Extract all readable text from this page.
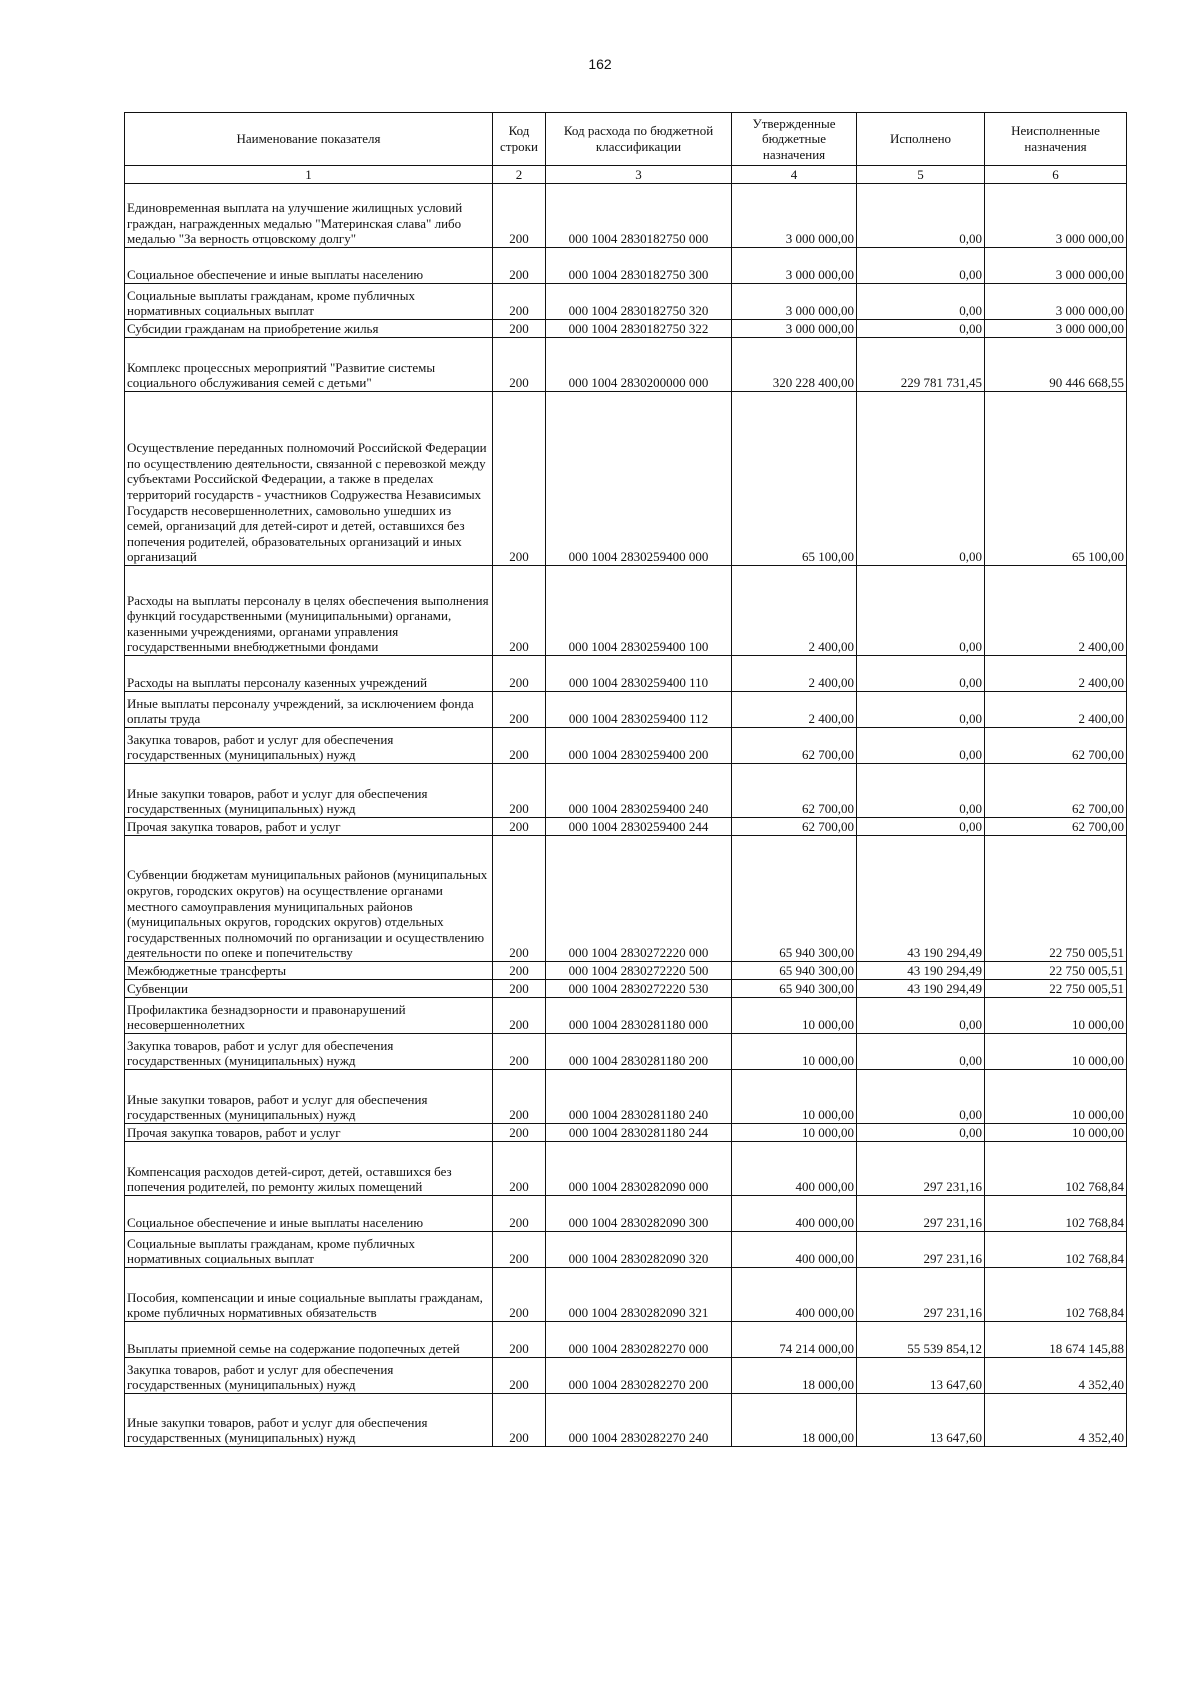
162
Наименование показателя	Код строки	Код расхода по бюджетной классификации	Утвержденные бюджетные назначения	Исполнено	Неисполненные назначения
1	2	3	4	5	6
Единовременная выплата на улучшение жилищных условий граждан, награжденных медалью "Материнская слава" либо медалью "За верность отцовскому долгу"	200	000 1004 2830182750 000	3 000 000,00	0,00	3 000 000,00
Социальное обеспечение и иные выплаты населению	200	000 1004 2830182750 300	3 000 000,00	0,00	3 000 000,00
Социальные выплаты гражданам, кроме публичных нормативных социальных выплат	200	000 1004 2830182750 320	3 000 000,00	0,00	3 000 000,00
Субсидии гражданам на приобретение жилья	200	000 1004 2830182750 322	3 000 000,00	0,00	3 000 000,00
Комплекс процессных мероприятий "Развитие системы социального обслуживания семей с детьми"	200	000 1004 2830200000 000	320 228 400,00	229 781 731,45	90 446 668,55
Осуществление переданных полномочий Российской Федерации по осуществлению деятельности, связанной с перевозкой между субъектами Российской Федерации, а также в пределах территорий государств - участников Содружества Независимых Государств несовершеннолетних, самовольно ушедших из семей, организаций для детей-сирот и детей, оставшихся без попечения родителей, образовательных организаций и иных организаций	200	000 1004 2830259400 000	65 100,00	0,00	65 100,00
Расходы на выплаты персоналу в целях обеспечения выполнения функций государственными (муниципальными) органами, казенными учреждениями, органами управления государственными внебюджетными фондами	200	000 1004 2830259400 100	2 400,00	0,00	2 400,00
Расходы на выплаты персоналу казенных учреждений	200	000 1004 2830259400 110	2 400,00	0,00	2 400,00
Иные выплаты персоналу учреждений, за исключением фонда оплаты труда	200	000 1004 2830259400 112	2 400,00	0,00	2 400,00
Закупка товаров, работ и услуг для обеспечения государственных (муниципальных) нужд	200	000 1004 2830259400 200	62 700,00	0,00	62 700,00
Иные закупки товаров, работ и услуг для обеспечения государственных (муниципальных) нужд	200	000 1004 2830259400 240	62 700,00	0,00	62 700,00
Прочая закупка товаров, работ и услуг	200	000 1004 2830259400 244	62 700,00	0,00	62 700,00
Субвенции бюджетам муниципальных районов (муниципальных округов, городских округов) на осуществление органами местного самоуправления муниципальных районов (муниципальных округов, городских округов) отдельных государственных полномочий по организации и осуществлению деятельности по опеке и попечительству	200	000 1004 2830272220 000	65 940 300,00	43 190 294,49	22 750 005,51
Межбюджетные трансферты	200	000 1004 2830272220 500	65 940 300,00	43 190 294,49	22 750 005,51
Субвенции	200	000 1004 2830272220 530	65 940 300,00	43 190 294,49	22 750 005,51
Профилактика безнадзорности и правонарушений несовершеннолетних	200	000 1004 2830281180 000	10 000,00	0,00	10 000,00
Закупка товаров, работ и услуг для обеспечения государственных (муниципальных) нужд	200	000 1004 2830281180 200	10 000,00	0,00	10 000,00
Иные закупки товаров, работ и услуг для обеспечения государственных (муниципальных) нужд	200	000 1004 2830281180 240	10 000,00	0,00	10 000,00
Прочая закупка товаров, работ и услуг	200	000 1004 2830281180 244	10 000,00	0,00	10 000,00
Компенсация расходов детей-сирот, детей, оставшихся без попечения родителей, по ремонту жилых помещений	200	000 1004 2830282090 000	400 000,00	297 231,16	102 768,84
Социальное обеспечение и иные выплаты населению	200	000 1004 2830282090 300	400 000,00	297 231,16	102 768,84
Социальные выплаты гражданам, кроме публичных нормативных социальных выплат	200	000 1004 2830282090 320	400 000,00	297 231,16	102 768,84
Пособия, компенсации и иные социальные выплаты гражданам, кроме публичных нормативных обязательств	200	000 1004 2830282090 321	400 000,00	297 231,16	102 768,84
Выплаты приемной семье на содержание подопечных детей	200	000 1004 2830282270 000	74 214 000,00	55 539 854,12	18 674 145,88
Закупка товаров, работ и услуг для обеспечения государственных (муниципальных) нужд	200	000 1004 2830282270 200	18 000,00	13 647,60	4 352,40
Иные закупки товаров, работ и услуг для обеспечения государственных (муниципальных) нужд	200	000 1004 2830282270 240	18 000,00	13 647,60	4 352,40
